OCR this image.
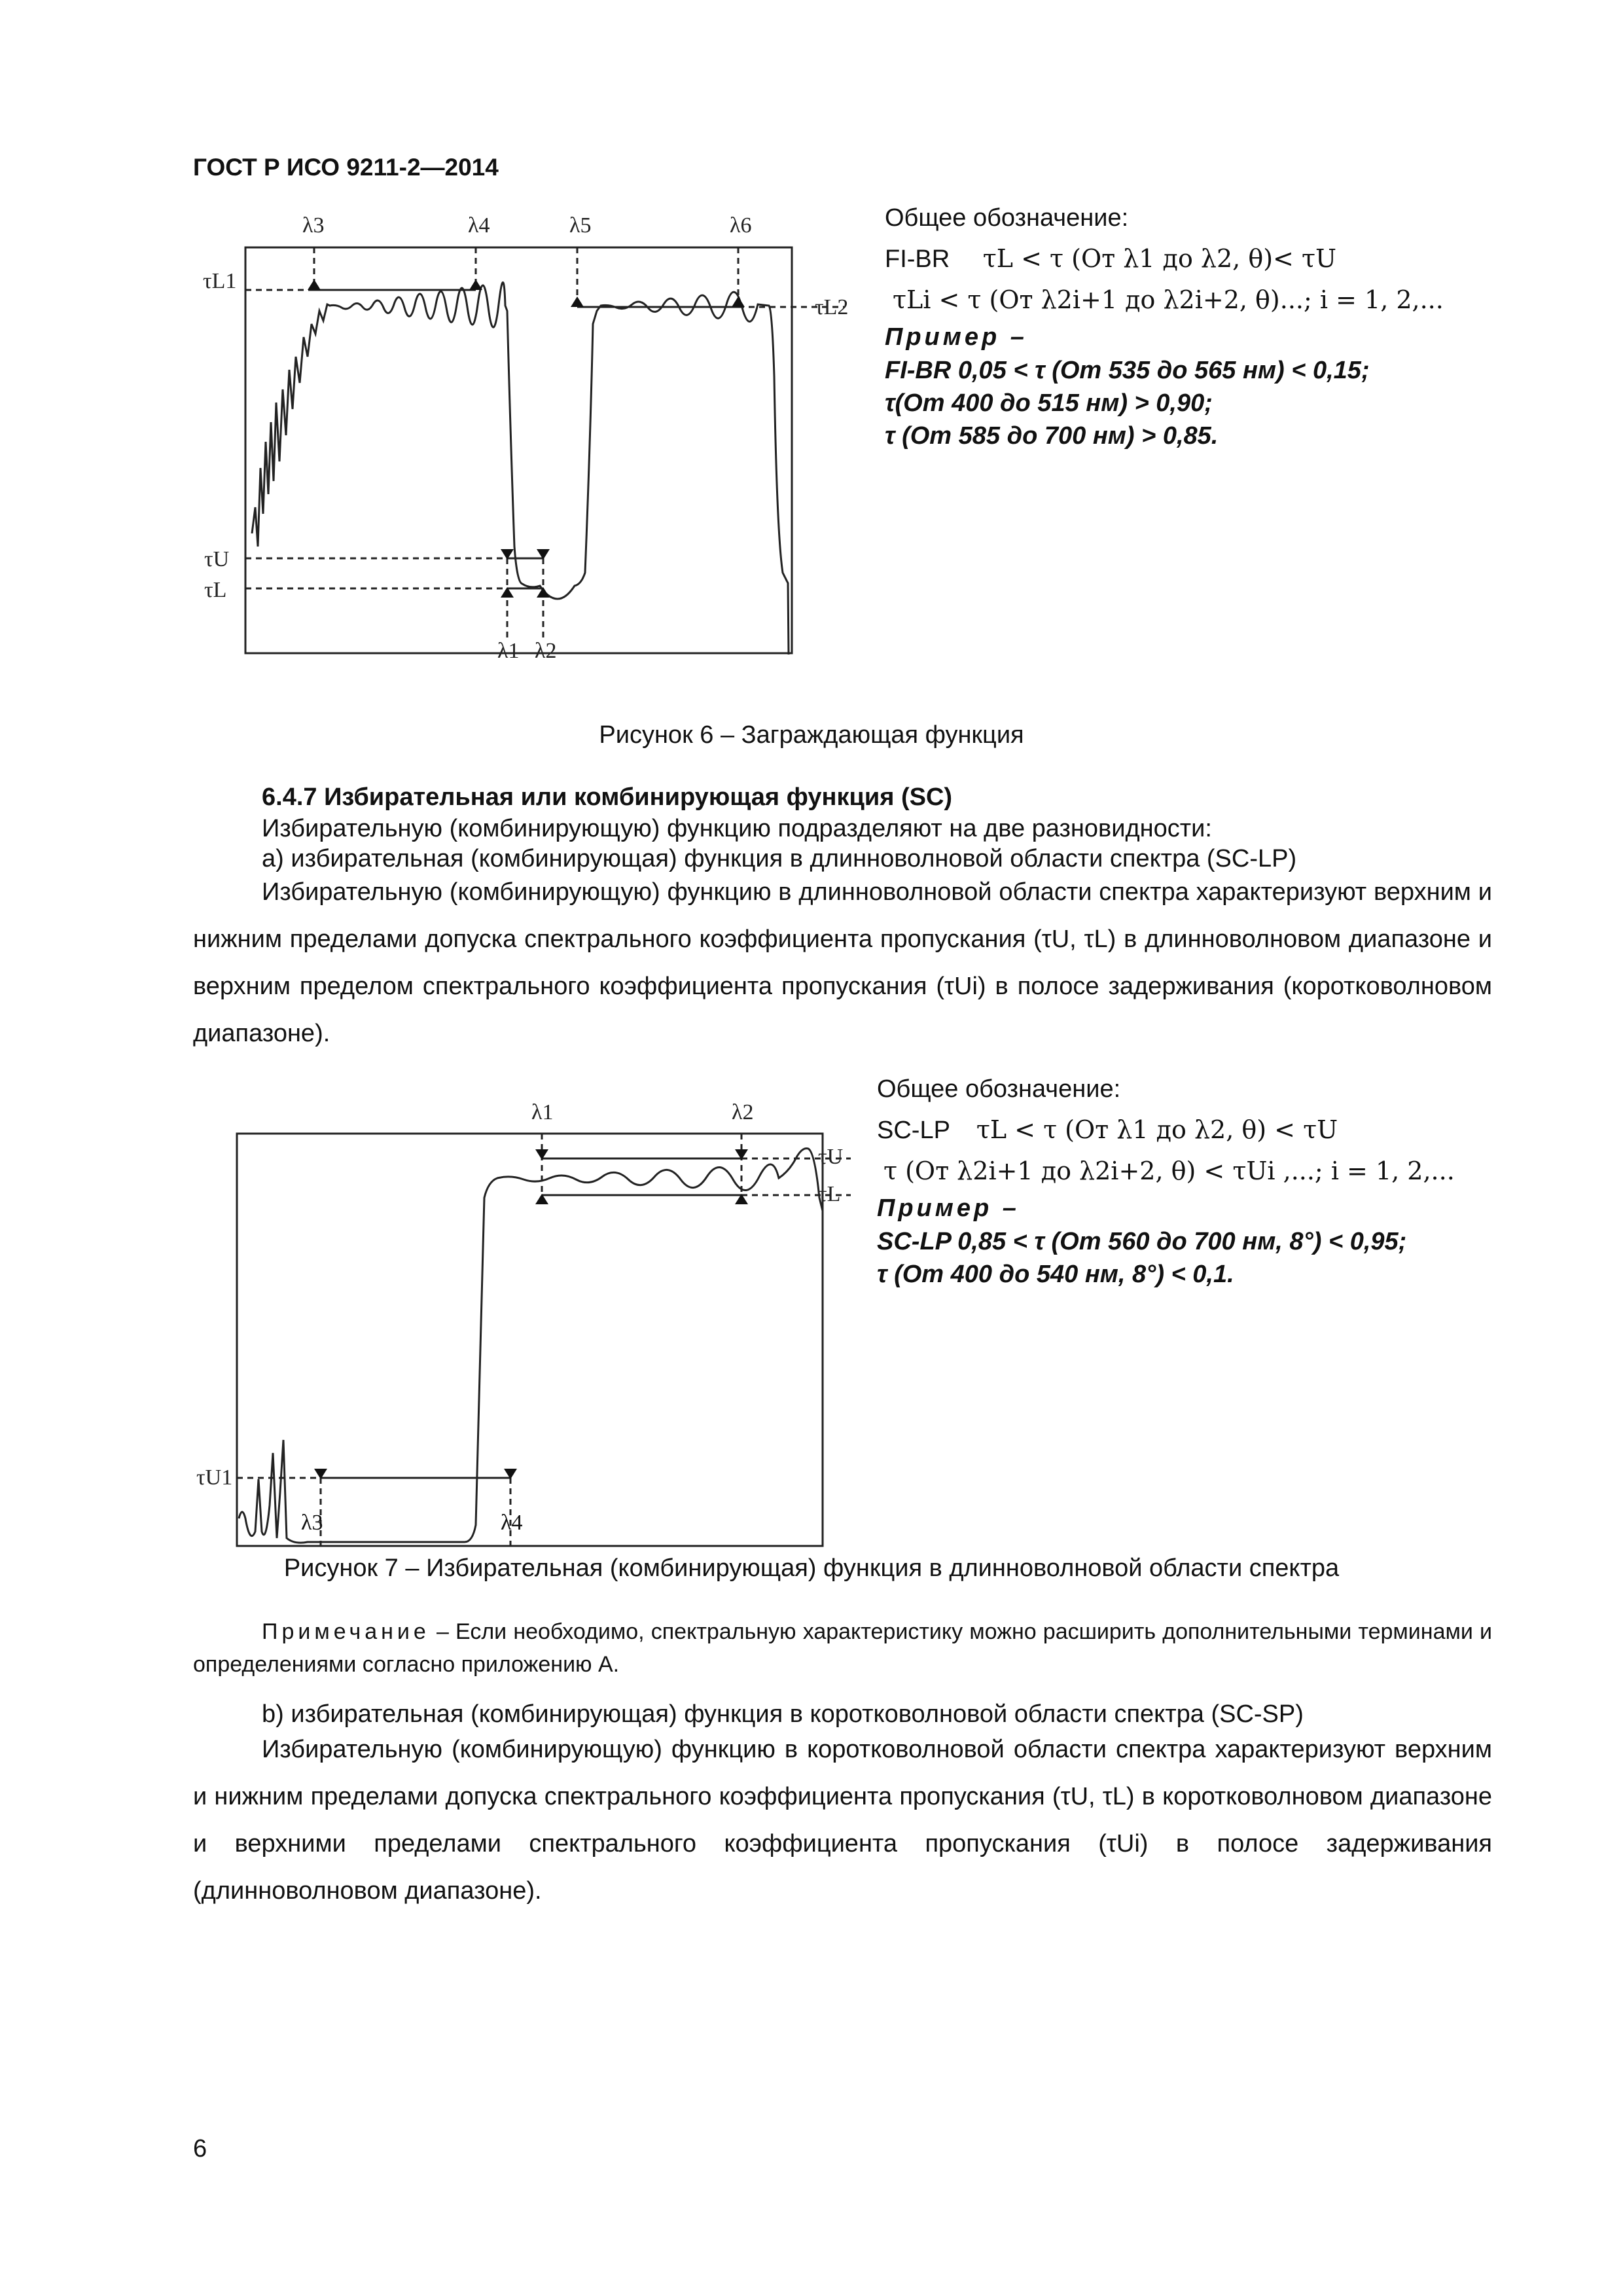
ГОСТ Р ИСО 9211-2—2014
λ3	λ4	λ5	λ6
τL1
τL2
τU
τL
λ1 λ2
Общее обозначение:
FI-BR τL < τ (От λ1 до λ2, θ)< τU
τLi < τ (От λ2i+1 до λ2i+2, θ)...; i = 1, 2,...
Пример –
FI-BR 0,05 < τ (От 535 до 565 нм) < 0,15;
τ(От 400 до 515 нм) > 0,90;
τ (От 585 до 700 нм) > 0,85.
Рисунок 6 – Заграждающая функция

6.4.7 Избирательная или комбинирующая функция (SC)

Избирательную (комбинирующую) функцию подразделяют на две разновидности:

а) избирательная (комбинирующая) функция в длинноволновой области спектра (SC-LP)

Избирательную (комбинирующую) функцию в длинноволновой области спектра характеризуют верхним и нижним пределами допуска спектрального коэффициента пропускания (τU, τL) в длинноволновом диапазоне и верхним пределом спектрального коэффициента пропускания (τUi) в полосе задерживания (коротковолновом диапазоне).

λ1	λ2
τU
τL
τU1
λ3	λ4
Общее обозначение:
SC-LP τL < τ (От λ1 до λ2, θ) < τU
τ (От λ2i+1 до λ2i+2, θ) < τUi ,...; i = 1, 2,...
Пример –
SC-LP 0,85 < τ (От 560 до 700 нм, 8°) < 0,95;
τ (От 400 до 540 нм, 8°) < 0,1.
Рисунок 7 – Избирательная (комбинирующая) функция в длинноволновой области спектра
Примечание – Если необходимо, спектральную характеристику можно расширить дополнительными терминами и определениями согласно приложению А.

b) избирательная (комбинирующая) функция в коротковолновой области спектра (SC-SP)

Избирательную (комбинирующую) функцию в коротковолновой области спектра характеризуют верхним и нижним пределами допуска спектрального коэффициента пропускания (τU, τL) в коротковолновом диапазоне и верхними пределами спектрального коэффициента пропускания (τUi) в полосе задерживания (длинноволновом диапазоне).

6
